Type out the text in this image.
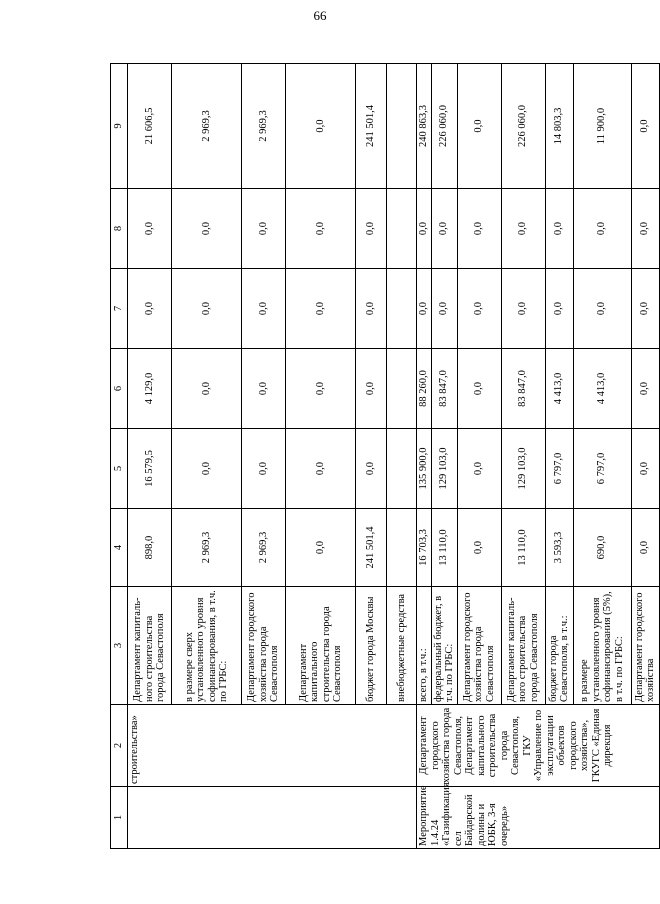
66
1	2	3	4	5	6	7	8	9
	строительства»	Департамент капиталь-ного строительства города Севастополя	898,0	16 579,5	4 129,0	0,0	0,0	21 606,5
		в размере сверх установленного уровня софинансирования, в т.ч. по ГРБС:	2 969,3	0,0	0,0	0,0	0,0	2 969,3
		Департамент городского хозяйства города Севастополя	2 969,3	0,0	0,0	0,0	0,0	2 969,3
		Департамент капитального строительства города Севастополя	0,0	0,0	0,0	0,0	0,0	0,0
		бюджет города Москвы	241 501,4	0,0	0,0	0,0	0,0	241 501,4
		внебюджетные средства						
Мероприятие 1.4.24 «Газификация сел Байдарской долины и ЮБК, 3-я очередь»	Департамент городского хозяйства города Севастополя, Департамент капитального строительства города Севастополя, ГКУ «Управление по эксплуатации объектов городского хозяйства», ГКУГС «Единая дирекция	всего, в т.ч.:	16 703,3	135 900,0	88 260,0	0,0	0,0	240 863,3
		федеральный бюджет, в т.ч. по ГРБС:	13 110,0	129 103,0	83 847,0	0,0	0,0	226 060,0
		Департамент городского хозяйства города Севастополя	0,0	0,0	0,0	0,0	0,0	0,0
		Департамент капиталь-ного строительства города Севастополя	13 110,0	129 103,0	83 847,0	0,0	0,0	226 060,0
		бюджет города Севастополя, в т.ч.:	3 593,3	6 797,0	4 413,0	0,0	0,0	14 803,3
		в размере установленного уровня софинансирования (5%), в т.ч. по ГРБС:	690,0	6 797,0	4 413,0	0,0	0,0	11 900,0
		Департамент городского хозяйства	0,0	0,0	0,0	0,0	0,0	0,0
